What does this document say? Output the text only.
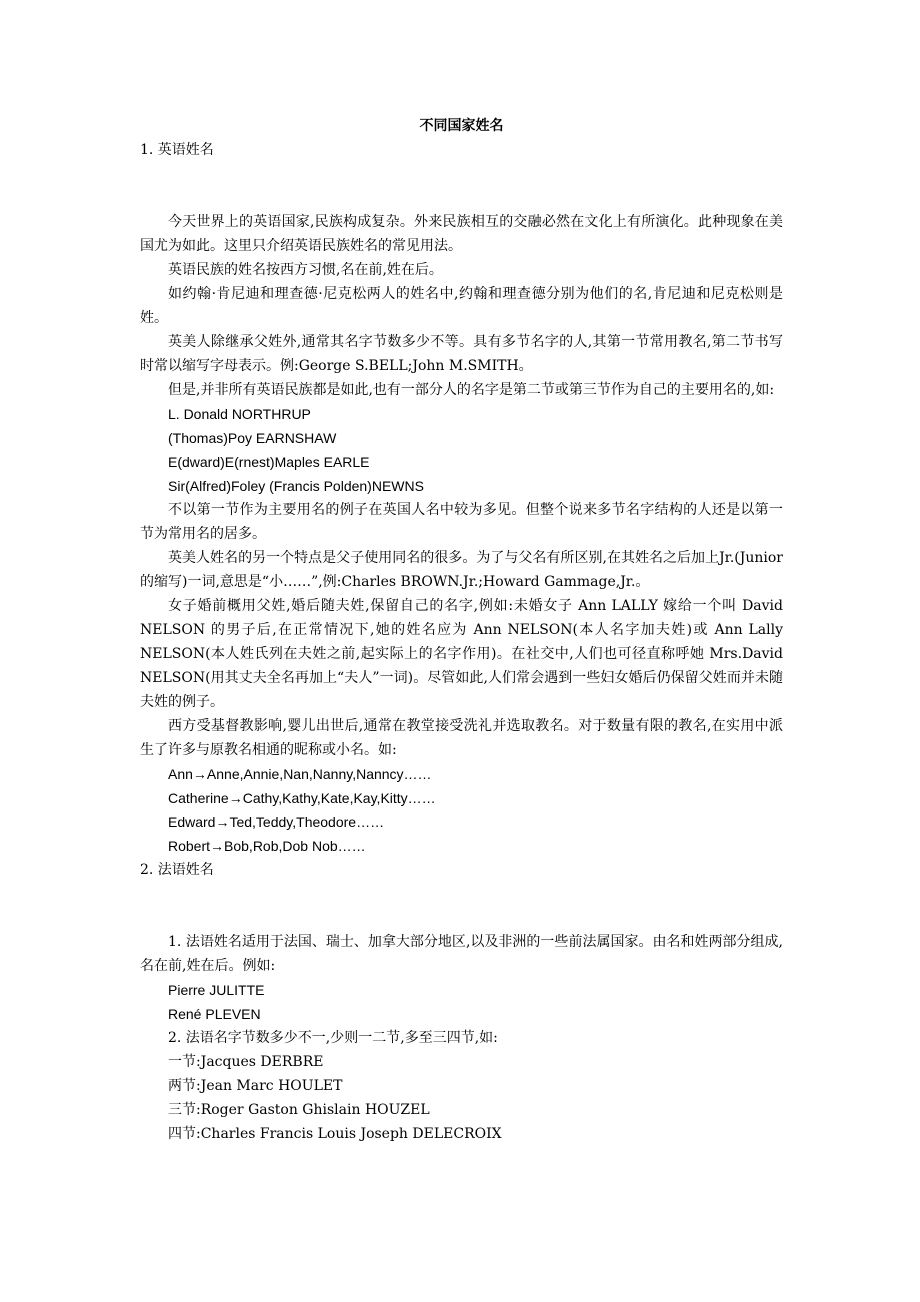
不同国家姓名

1. 英语姓名

今天世界上的英语国家,民族构成复杂。外来民族相互的交融必然在文化上有所演化。此种现象在美国尤为如此。这里只介绍英语民族姓名的常见用法。

英语民族的姓名按西方习惯,名在前,姓在后。

如约翰·肯尼迪和理查德·尼克松两人的姓名中,约翰和理查德分别为他们的名,肯尼迪和尼克松则是姓。

英美人除继承父姓外,通常其名字节数多少不等。具有多节名字的人,其第一节常用教名,第二节书写时常以缩写字母表示。例:George S.BELL;John M.SMITH。

但是,并非所有英语民族都是如此,也有一部分人的名字是第二节或第三节作为自己的主要用名的,如:

L. Donald NORTHRUP

(Thomas)Poy EARNSHAW

E(dward)E(rnest)Maples EARLE

Sir(Alfred)Foley (Francis Polden)NEWNS

不以第一节作为主要用名的例子在英国人名中较为多见。但整个说来多节名字结构的人还是以第一节为常用名的居多。

英美人姓名的另一个特点是父子使用同名的很多。为了与父名有所区别,在其姓名之后加上Jr.(Junior 的缩写)一词,意思是“小……”,例:Charles BROWN.Jr.;Howard Gammage,Jr.。

女子婚前概用父姓,婚后随夫姓,保留自己的名字,例如:未婚女子 Ann LALLY 嫁给一个叫 David NELSON 的男子后,在正常情况下,她的姓名应为 Ann NELSON(本人名字加夫姓)或 Ann Lally NELSON(本人姓氏列在夫姓之前,起实际上的名字作用)。在社交中,人们也可径直称呼她 Mrs.David NELSON(用其丈夫全名再加上“夫人”一词)。尽管如此,人们常会遇到一些妇女婚后仍保留父姓而并未随夫姓的例子。

西方受基督教影响,婴儿出世后,通常在教堂接受洗礼并选取教名。对于数量有限的教名,在实用中派生了许多与原教名相通的昵称或小名。如:

Ann→Anne,Annie,Nan,Nanny,Nanncy……

Catherine→Cathy,Kathy,Kate,Kay,Kitty……

Edward→Ted,Teddy,Theodore……

Robert→Bob,Rob,Dob Nob……

2. 法语姓名

1. 法语姓名适用于法国、瑞士、加拿大部分地区,以及非洲的一些前法属国家。由名和姓两部分组成,名在前,姓在后。例如:

Pierre JULITTE

René PLEVEN

2. 法语名字节数多少不一,少则一二节,多至三四节,如:

一节:Jacques DERBRE

两节:Jean Marc HOULET

三节:Roger Gaston Ghislain HOUZEL

四节:Charles Francis Louis Joseph DELECROIX
